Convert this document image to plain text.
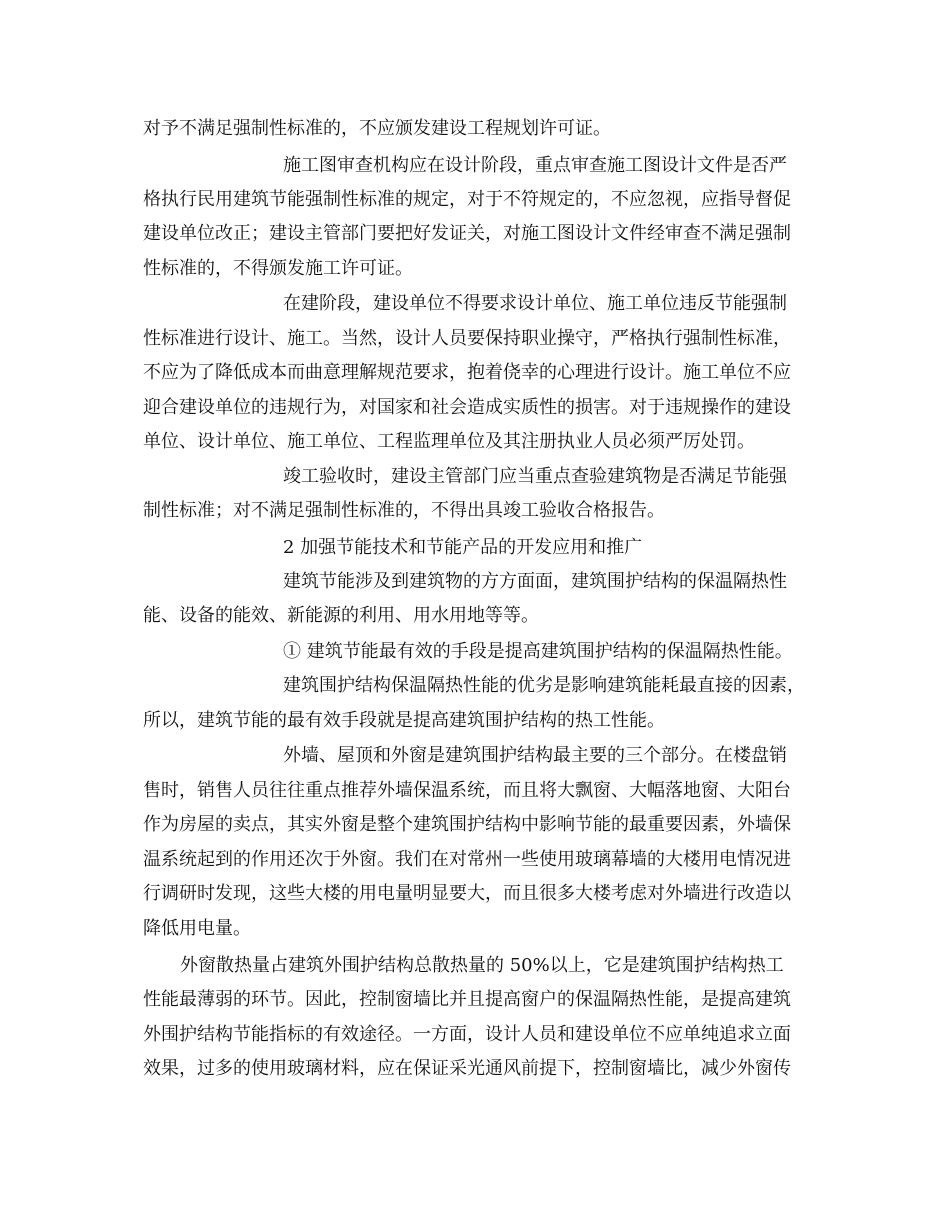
对予不满足强制性标准的，不应颁发建设工程规划许可证。

施工图审查机构应在设计阶段，重点审查施工图设计文件是否严

格执行民用建筑节能强制性标准的规定，对于不符规定的，不应忽视，应指导督促

建设单位改正；建设主管部门要把好发证关，对施工图设计文件经审查不满足强制

性标准的，不得颁发施工许可证。

在建阶段，建设单位不得要求设计单位、施工单位违反节能强制

性标准进行设计、施工。当然，设计人员要保持职业操守，严格执行强制性标准，

不应为了降低成本而曲意理解规范要求，抱着侥幸的心理进行设计。施工单位不应

迎合建设单位的违规行为，对国家和社会造成实质性的损害。对于违规操作的建设

单位、设计单位、施工单位、工程监理单位及其注册执业人员必须严厉处罚。

竣工验收时，建设主管部门应当重点查验建筑物是否满足节能强

制性标准；对不满足强制性标准的，不得出具竣工验收合格报告。

2 加强节能技术和节能产品的开发应用和推广

建筑节能涉及到建筑物的方方面面，建筑围护结构的保温隔热性

能、设备的能效、新能源的利用、用水用地等等。

① 建筑节能最有效的手段是提高建筑围护结构的保温隔热性能。

建筑围护结构保温隔热性能的优劣是影响建筑能耗最直接的因素，

所以，建筑节能的最有效手段就是提高建筑围护结构的热工性能。

外墙、屋顶和外窗是建筑围护结构最主要的三个部分。在楼盘销

售时，销售人员往往重点推荐外墙保温系统，而且将大飘窗、大幅落地窗、大阳台

作为房屋的卖点，其实外窗是整个建筑围护结构中影响节能的最重要因素，外墙保

温系统起到的作用还次于外窗。我们在对常州一些使用玻璃幕墙的大楼用电情况进

行调研时发现，这些大楼的用电量明显要大，而且很多大楼考虑对外墙进行改造以

降低用电量。

外窗散热量占建筑外围护结构总散热量的 50%以上，它是建筑围护结构热工

性能最薄弱的环节。因此，控制窗墙比并且提高窗户的保温隔热性能，是提高建筑

外围护结构节能指标的有效途径。一方面，设计人员和建设单位不应单纯追求立面

效果，过多的使用玻璃材料，应在保证采光通风前提下，控制窗墙比，减少外窗传
